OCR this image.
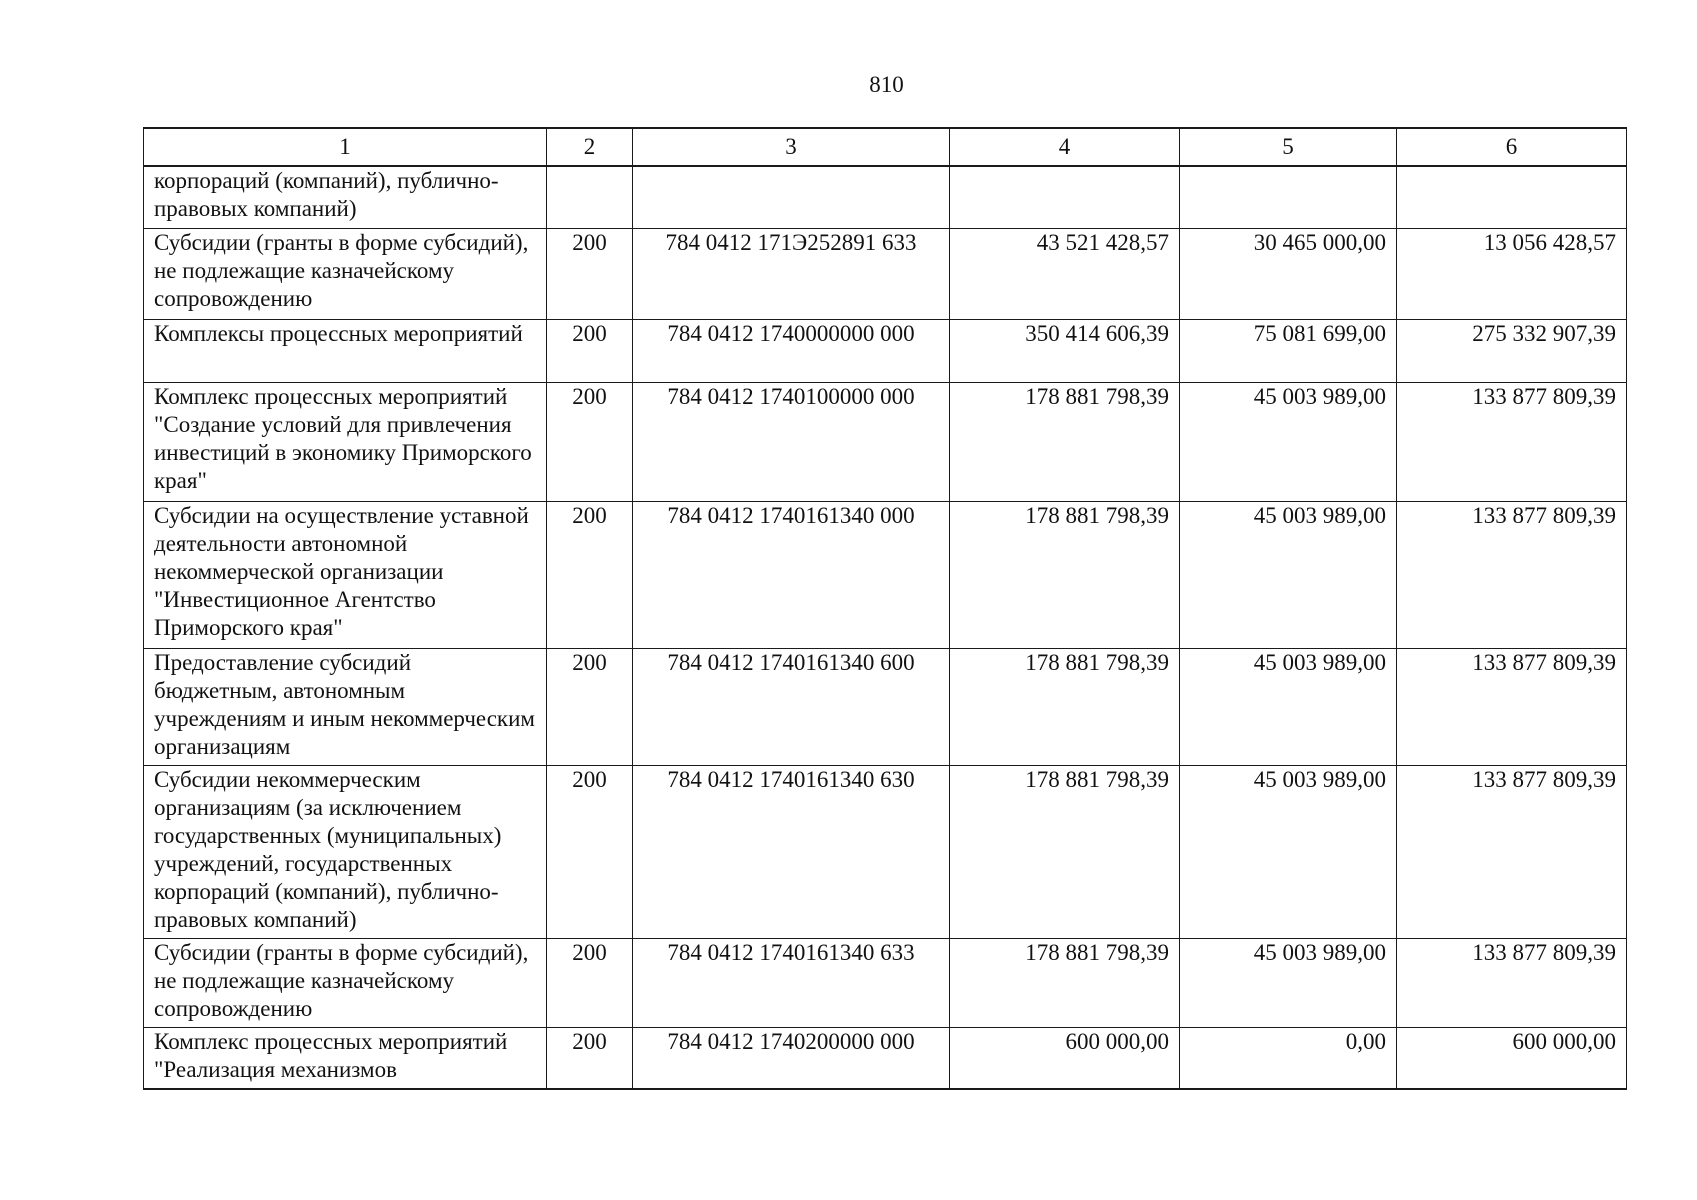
810
1	2	3	4	5	6
корпораций (компаний), публично-правовых компаний)					
Субсидии (гранты в форме субсидий), не подлежащие казначейскому сопровождению	200	784 0412 171Э252891 633	43 521 428,57	30 465 000,00	13 056 428,57
Комплексы процессных мероприятий	200	784 0412 1740000000 000	350 414 606,39	75 081 699,00	275 332 907,39
Комплекс процессных мероприятий "Создание условий для привлечения инвестиций в экономику Приморского края"	200	784 0412 1740100000 000	178 881 798,39	45 003 989,00	133 877 809,39
Субсидии на осуществление уставной деятельности автономной некоммерческой организации "Инвестиционное Агентство Приморского края"	200	784 0412 1740161340 000	178 881 798,39	45 003 989,00	133 877 809,39
Предоставление субсидий бюджетным, автономным учреждениям и иным некоммерческим организациям	200	784 0412 1740161340 600	178 881 798,39	45 003 989,00	133 877 809,39
Субсидии некоммерческим организациям (за исключением государственных (муниципальных) учреждений, государственных корпораций (компаний), публично-правовых компаний)	200	784 0412 1740161340 630	178 881 798,39	45 003 989,00	133 877 809,39
Субсидии (гранты в форме субсидий), не подлежащие казначейскому сопровождению	200	784 0412 1740161340 633	178 881 798,39	45 003 989,00	133 877 809,39
Комплекс процессных мероприятий "Реализация механизмов	200	784 0412 1740200000 000	600 000,00	0,00	600 000,00
